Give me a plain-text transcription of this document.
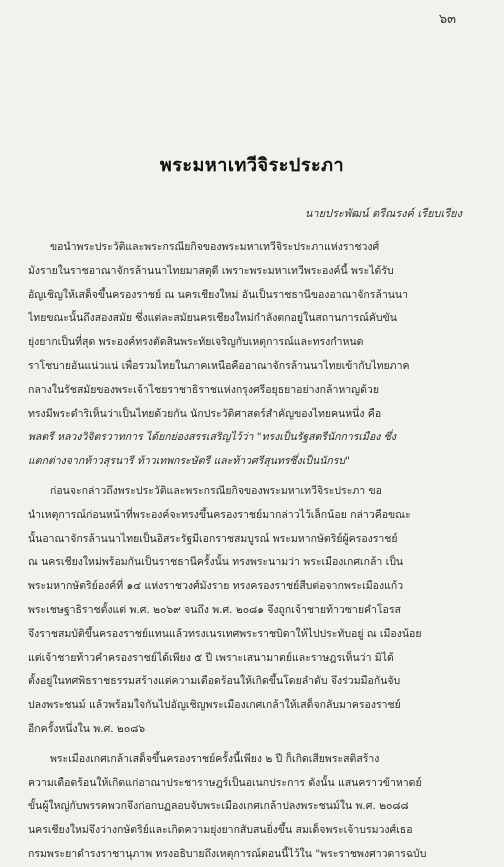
๖๓
พระมหาเทวีจิระประภา
นายประพัฒน์ ตรีณรงค์ เรียบเรียง
ขอนำพระประวัติและพระกรณียกิจของพระมหาเทวีจิระประภาแห่งราชวงศ์
มังรายในราชอาณาจักรล้านนาไทยมาสดุดี เพราะพระมหาเทวีพระองค์นี้ พระได้รับ
อัญเชิญให้เสด็จขึ้นครองราชย์ ณ นครเชียงใหม่ อันเป็นราชธานีของอาณาจักรล้านนา
ไทยขณะนั้นถึงสองสมัย ซึ่งแต่ละสมัยนครเชียงใหม่กำลังตกอยู่ในสถานการณ์คับขัน
ยุ่งยากเป็นที่สุด พระองค์ทรงตัดสินพระทัยเจริญกับเหตุการณ์และทรงกำหนด
ราโชบายอันแน่วแน่ เพื่อรวมไทยในภาคเหนือคืออาณาจักรล้านนาไทยเข้ากับไทยภาค
กลางในรัชสมัยของพระเจ้าไชยราชาธิราชแห่งกรุงศรีอยุธยาอย่างกล้าหาญด้วย
ทรงมีพระดำริเห็นว่าเป็นไทยด้วยกัน นักประวัติศาสตร์สำคัญของไทยคนหนึ่ง คือ
พลตรี หลวงวิจิตรวาทการ ได้ยกย่องสรรเสริญไว้ว่า "ทรงเป็นรัฐสตรีนักการเมือง ซึ่ง
แตกต่างจากท้าวสุรนารี ท้าวเทพกระษัตรี และท้าวศรีสุนทรซึ่งเป็นนักรบ"
ก่อนจะกล่าวถึงพระประวัติและพระกรณียกิจของพระมหาเทวีจิระประภา ขอ
นำเหตุการณ์ก่อนหน้าที่พระองค์จะทรงขึ้นครองราชย์มากล่าวไว้เล็กน้อย กล่าวคือขณะ
นั้นอาณาจักรล้านนาไทยเป็นอิสระรัฐมีเอกราชสมบูรณ์ พระมหากษัตริย์ผู้ครองราชย์
ณ นครเชียงใหม่พร้อมกันเป็นราชธานีครั้งนั้น ทรงพระนามว่า พระเมืองเกศเกล้า เป็น
พระมหากษัตริย์องค์ที่ ๑๔ แห่งราชวงศ์มังราย ทรงครองราชย์สืบต่อจากพระเมืองแก้ว
พระเชษฐาธิราชตั้งแต่ พ.ศ. ๒๐๖๙ จนถึง พ.ศ. ๒๐๘๑ จึงถูกเจ้าชายท้าวซายคำโอรส
จึงราชสมบัติขึ้นครองราชย์แทนแล้วทรงเนรเทศพระราชบิดาให้ไปประทับอยู่ ณ เมืองน้อย
แต่เจ้าชายท้าวคำครองราชย์ได้เพียง ๕ ปี เพราะเสนามาตย์และราษฎรเห็นว่า มิได้
ตั้งอยู่ในทศพิธราชธรรมสร้างแต่ความเดือดร้อนให้เกิดขึ้นโดยลำดับ จึงร่วมมือกันจับ
ปลงพระชนม์ แล้วพร้อมใจกันไปอัญเชิญพระเมืองเกศเกล้าให้เสด็จกลับมาครองราชย์
อีกครั้งหนึ่งใน พ.ศ. ๒๐๘๖
พระเมืองเกศเกล้าเสด็จขึ้นครองราชย์ครั้งนี้เพียง ๒ ปี ก็เกิดเสียพระสติสร้าง
ความเดือดร้อนให้เกิดแก่อาณาประชาราษฎร์เป็นอเนกประการ ดังนั้น แสนคราวข้าหาดย์
ขั้นผู้ใหญ่กับพรรคพวกจึงก่อกบฏลอบจับพระเมืองเกศเกล้าปลงพระชนม์ใน พ.ศ. ๒๐๘๘
นครเชียงใหม่จึงว่างกษัตริย์และเกิดความยุ่งยากสับสนยิ่งขึ้น สมเด็จพระเจ้าบรมวงศ์เธอ
กรมพระยาดำรงราชานุภาพ ทรงอธิบายถึงเหตุการณ์ตอนนี้ไว้ใน "พระราชพงศาวดารฉบับ
